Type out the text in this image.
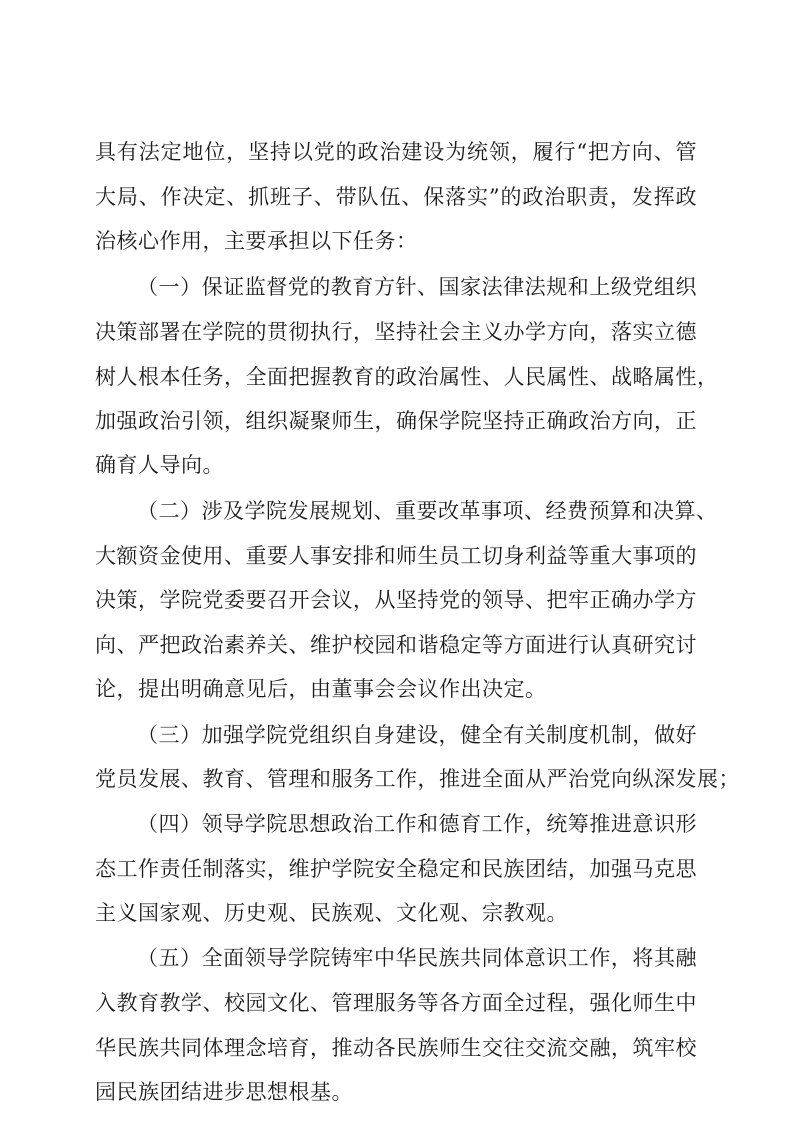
具有法定地位，坚持以党的政治建设为统领，履行“把方向、管
大局、作决定、抓班子、带队伍、保落实”的政治职责，发挥政
治核心作用，主要承担以下任务：
（一）保证监督党的教育方针、国家法律法规和上级党组织
决策部署在学院的贯彻执行，坚持社会主义办学方向，落实立德
树人根本任务，全面把握教育的政治属性、人民属性、战略属性，
加强政治引领，组织凝聚师生，确保学院坚持正确政治方向，正
确育人导向。
（二）涉及学院发展规划、重要改革事项、经费预算和决算、
大额资金使用、重要人事安排和师生员工切身利益等重大事项的
决策，学院党委要召开会议，从坚持党的领导、把牢正确办学方
向、严把政治素养关、维护校园和谐稳定等方面进行认真研究讨
论，提出明确意见后，由董事会会议作出决定。
（三）加强学院党组织自身建设，健全有关制度机制，做好
党员发展、教育、管理和服务工作，推进全面从严治党向纵深发展；
（四）领导学院思想政治工作和德育工作，统筹推进意识形
态工作责任制落实，维护学院安全稳定和民族团结，加强马克思
主义国家观、历史观、民族观、文化观、宗教观。
（五）全面领导学院铸牢中华民族共同体意识工作，将其融
入教育教学、校园文化、管理服务等各方面全过程，强化师生中
华民族共同体理念培育，推动各民族师生交往交流交融，筑牢校
园民族团结进步思想根基。
